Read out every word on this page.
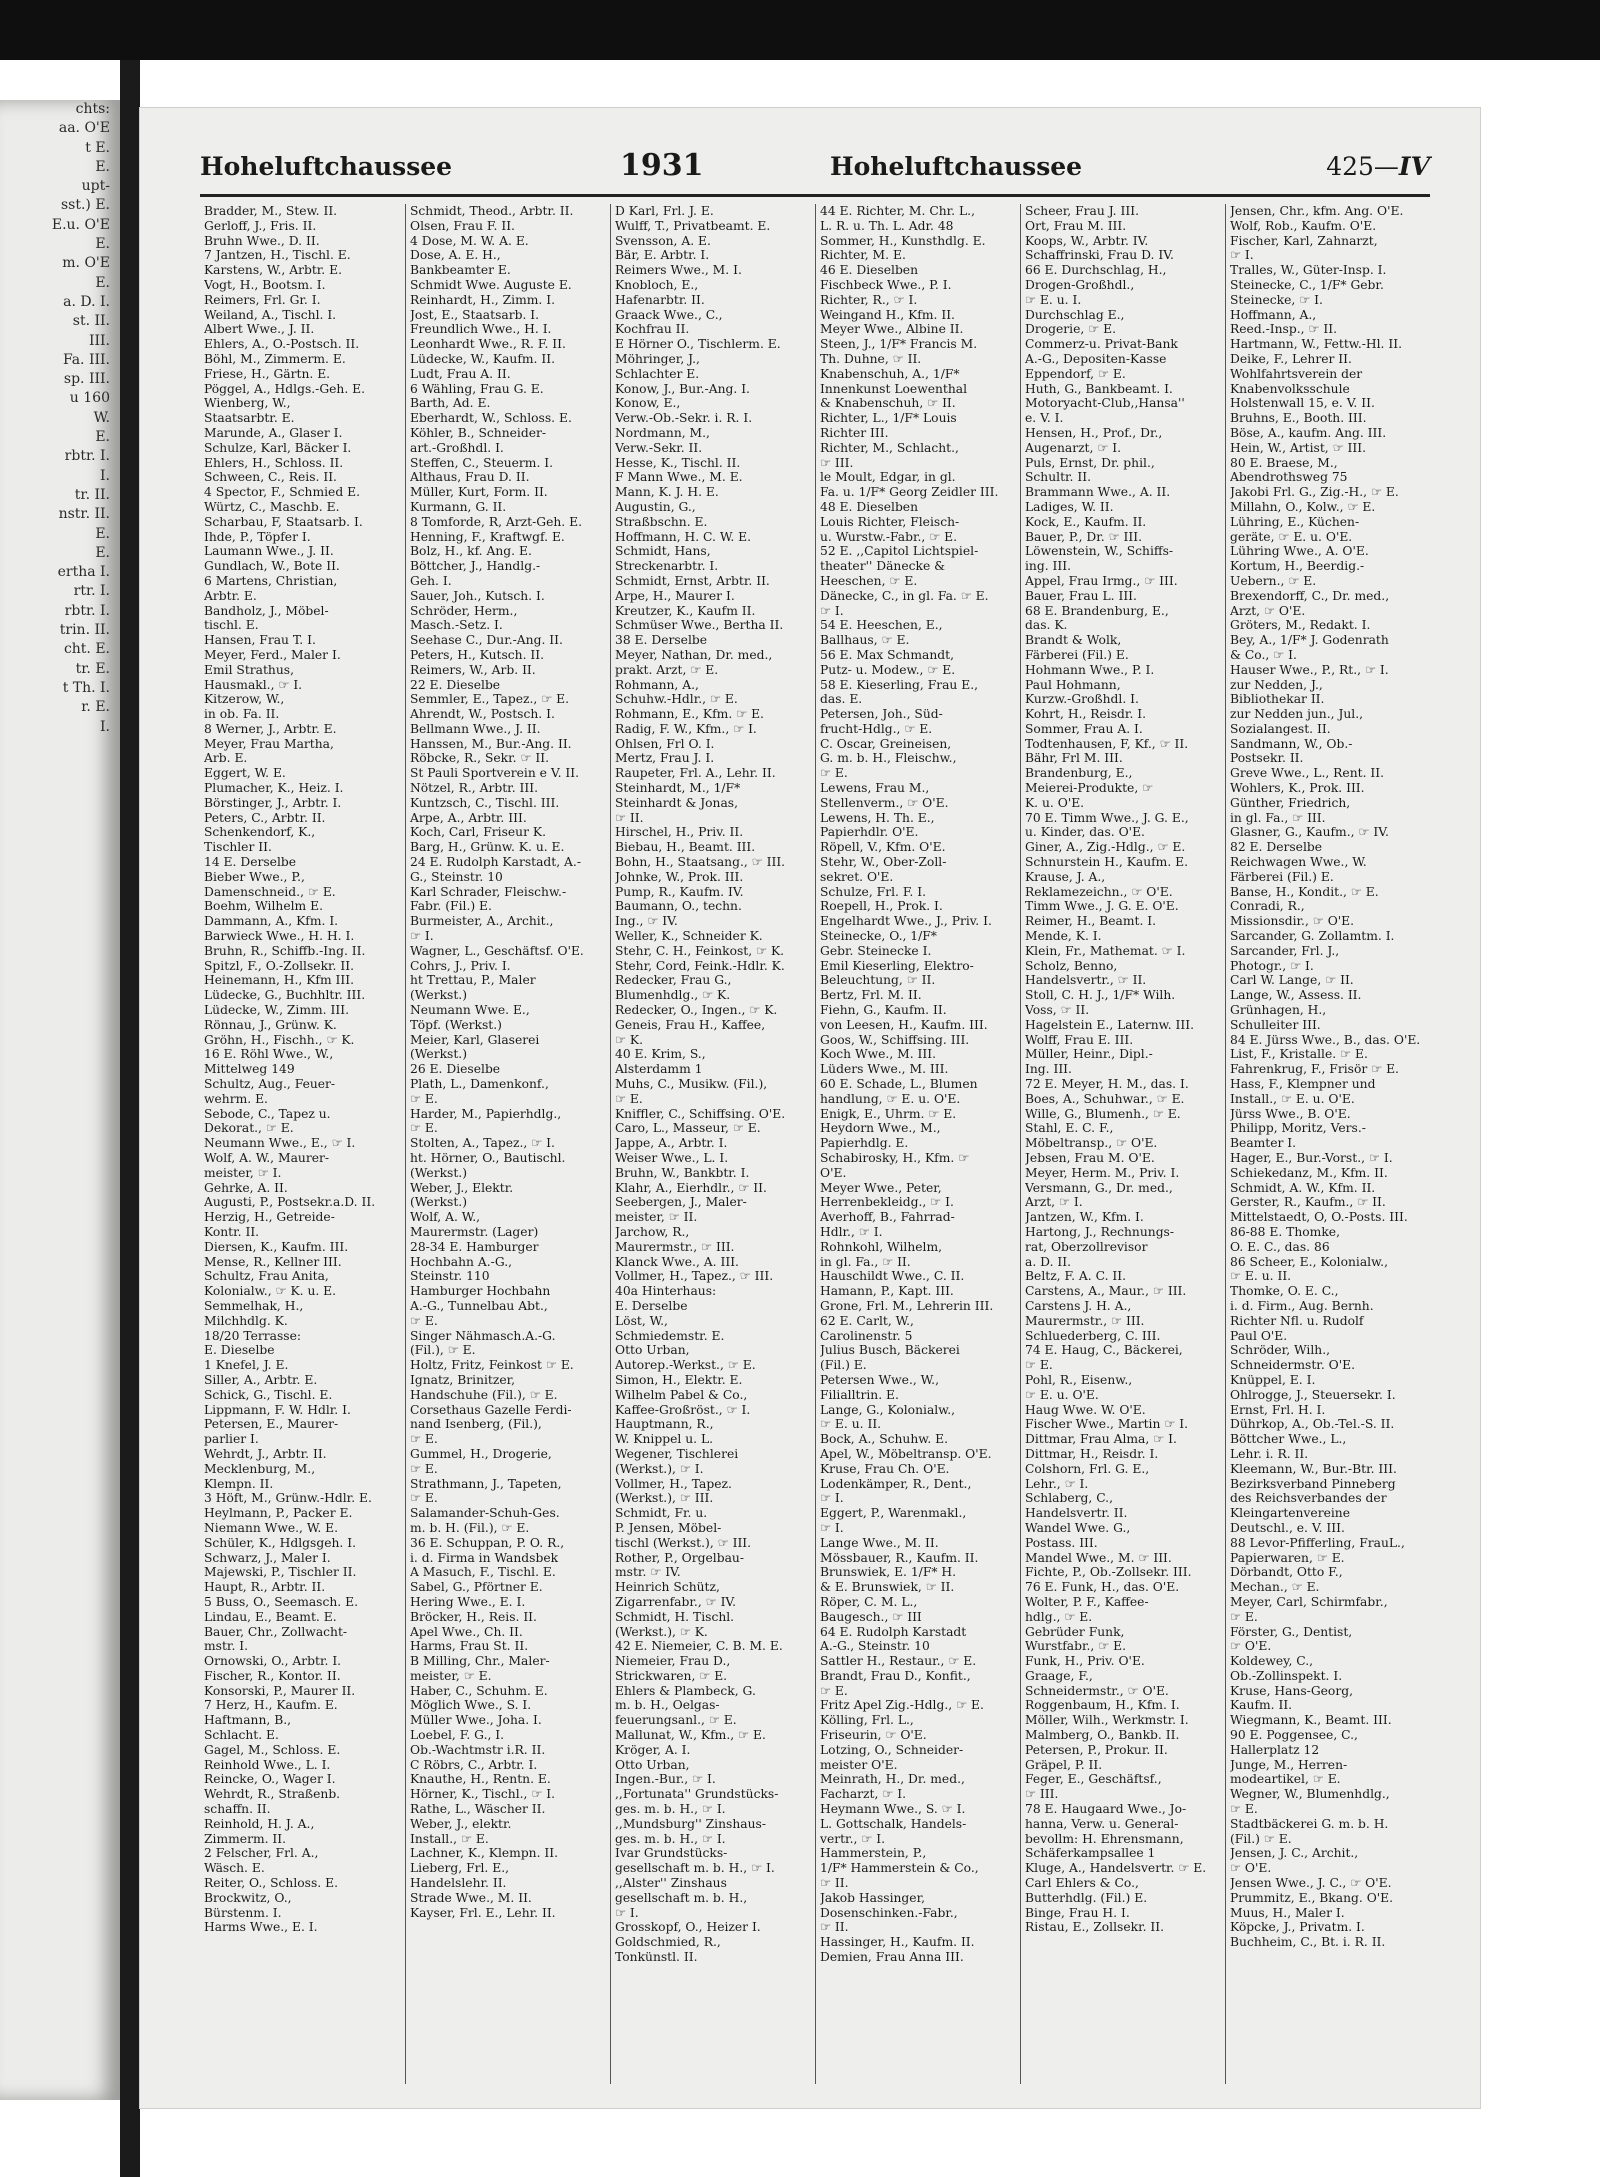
chts:
aa. O'E
t E.
E.
upt-
sst.) E.
E.u. O'E
E.
m. O'E
E.
a. D. I.
st. II.
III.
Fa. III.
sp. III.
u 160
W.
E.
rbtr. I.
I.
tr. II.
nstr. II.
E.
E.
ertha I.
rtr. I.
rbtr. I.
trin. II.
cht. E.
tr. E.
t Th. I.
r. E.
I.
Hoheluftchaussee	1931	Hoheluftchaussee	425—IV
Bradder, M., Stew. II.
Gerloff, J., Fris. II.
Bruhn Wwe., D. II.
7 Jantzen, H., Tischl. E.
Karstens, W., Arbtr. E.
Vogt, H., Bootsm. I.
Reimers, Frl. Gr. I.
Weiland, A., Tischl. I.
Albert Wwe., J. II.
Ehlers, A., O.-Postsch. II.
Böhl, M., Zimmerm. E.
Friese, H., Gärtn. E.
Pöggel, A., Hdlgs.-Geh. E.
Wienberg, W.,
Staatsarbtr. E.
Marunde, A., Glaser I.
Schulze, Karl, Bäcker I.
Ehlers, H., Schloss. II.
Schween, C., Reis. II.
4 Spector, F., Schmied E.
Würtz, C., Maschb. E.
Scharbau, F, Staatsarb. I.
Ihde, P., Töpfer I.
Laumann Wwe., J. II.
Gundlach, W., Bote II.
6 Martens, Christian,
Arbtr. E.
Bandholz, J., Möbel-
tischl. E.
Hansen, Frau T. I.
Meyer, Ferd., Maler I.
Emil Strathus,
Hausmakl., ☞ I.
Kitzerow, W.,
in ob. Fa. II.
8 Werner, J., Arbtr. E.
Meyer, Frau Martha,
Arb. E.
Eggert, W. E.
Plumacher, K., Heiz. I.
Börstinger, J., Arbtr. I.
Peters, C., Arbtr. II.
Schenkendorf, K.,
Tischler II.
14 E. Derselbe
Bieber Wwe., P.,
Damenschneid., ☞ E.
Boehm, Wilhelm E.
Dammann, A., Kfm. I.
Barwieck Wwe., H. H. I.
Bruhn, R., Schiffb.-Ing. II.
Spitzl, F., O.-Zollsekr. II.
Heinemann, H., Kfm III.
Lüdecke, G., Buchhltr. III.
Lüdecke, W., Zimm. III.
Rönnau, J., Grünw. K.
Gröhn, H., Fischh., ☞ K.
16 E. Röhl Wwe., W.,
Mittelweg 149
Schultz, Aug., Feuer-
wehrm. E.
Sebode, C., Tapez u.
Dekorat., ☞ E.
Neumann Wwe., E., ☞ I.
Wolf, A. W., Maurer-
meister, ☞ I.
Gehrke, A. II.
Augusti, P., Postsekr.a.D. II.
Herzig, H., Getreide-
Kontr. II.
Diersen, K., Kaufm. III.
Mense, R., Kellner III.
Schultz, Frau Anita,
Kolonialw., ☞ K. u. E.
Semmelhak, H.,
Milchhdlg. K.
18/20 Terrasse:
E. Dieselbe
1 Knefel, J. E.
Siller, A., Arbtr. E.
Schick, G., Tischl. E.
Lippmann, F. W. Hdlr. I.
Petersen, E., Maurer-
parlier I.
Wehrdt, J., Arbtr. II.
Mecklenburg, M.,
Klempn. II.
3 Höft, M., Grünw.-Hdlr. E.
Heylmann, P., Packer E.
Niemann Wwe., W. E.
Schüler, K., Hdlgsgeh. I.
Schwarz, J., Maler I.
Majewski, P., Tischler II.
Haupt, R., Arbtr. II.
5 Buss, O., Seemasch. E.
Lindau, E., Beamt. E.
Bauer, Chr., Zollwacht-
mstr. I.
Ornowski, O., Arbtr. I.
Fischer, R., Kontor. II.
Konsorski, P., Maurer II.
7 Herz, H., Kaufm. E.
Haftmann, B.,
Schlacht. E.
Gagel, M., Schloss. E.
Reinhold Wwe., L. I.
Reincke, O., Wager I.
Wehrdt, R., Straßenb.
schaffn. II.
Reinhold, H. J. A.,
Zimmerm. II.
2 Felscher, Frl. A.,
Wäsch. E.
Reiter, O., Schloss. E.
Brockwitz, O.,
Bürstenm. I.
Harms Wwe., E. I.
Schmidt, Theod., Arbtr. II.
Olsen, Frau F. II.
4 Dose, M. W. A. E.
Dose, A. E. H.,
Bankbeamter E.
Schmidt Wwe. Auguste E.
Reinhardt, H., Zimm. I.
Jost, E., Staatsarb. I.
Freundlich Wwe., H. I.
Leonhardt Wwe., R. F. II.
Lüdecke, W., Kaufm. II.
Ludt, Frau A. II.
6 Wähling, Frau G. E.
Barth, Ad. E.
Eberhardt, W., Schloss. E.
Köhler, B., Schneider-
art.-Großhdl. I.
Steffen, C., Steuerm. I.
Althaus, Frau D. II.
Müller, Kurt, Form. II.
Kurmann, G. II.
8 Tomforde, R, Arzt-Geh. E.
Henning, F., Kraftwgf. E.
Bolz, H., kf. Ang. E.
Böttcher, J., Handlg.-
Geh. I.
Sauer, Joh., Kutsch. I.
Schröder, Herm.,
Masch.-Setz. I.
Seehase C., Dur.-Ang. II.
Peters, H., Kutsch. II.
Reimers, W., Arb. II.
22 E. Dieselbe
Semmler, E., Tapez., ☞ E.
Ahrendt, W., Postsch. I.
Bellmann Wwe., J. II.
Hanssen, M., Bur.-Ang. II.
Röbcke, R., Sekr. ☞ II.
St Pauli Sportverein e V. II.
Nötzel, R., Arbtr. III.
Kuntzsch, C., Tischl. III.
Arpe, A., Arbtr. III.
Koch, Carl, Friseur K.
Barg, H., Grünw. K. u. E.
24 E. Rudolph Karstadt, A.-
G., Steinstr. 10
Karl Schrader, Fleischw.-
Fabr. (Fil.) E.
Burmeister, A., Archit.,
☞ I.
Wagner, L., Geschäftsf. O'E.
Cohrs, J., Priv. I.
ht Trettau, P., Maler
(Werkst.)
Neumann Wwe. E.,
Töpf. (Werkst.)
Meier, Karl, Glaserei
(Werkst.)
26 E. Dieselbe
Plath, L., Damenkonf.,
☞ E.
Harder, M., Papierhdlg.,
☞ E.
Stolten, A., Tapez., ☞ I.
ht. Hörner, O., Bautischl.
(Werkst.)
Weber, J., Elektr.
(Werkst.)
Wolf, A. W.,
Maurermstr. (Lager)
28-34 E. Hamburger
Hochbahn A.-G.,
Steinstr. 110
Hamburger Hochbahn
A.-G., Tunnelbau Abt.,
☞ E.
Singer Nähmasch.A.-G.
(Fil.), ☞ E.
Holtz, Fritz, Feinkost ☞ E.
Ignatz, Brinitzer,
Handschuhe (Fil.), ☞ E.
Corsethaus Gazelle Ferdi-
nand Isenberg, (Fil.),
☞ E.
Gummel, H., Drogerie,
☞ E.
Strathmann, J., Tapeten,
☞ E.
Salamander-Schuh-Ges.
m. b. H. (Fil.), ☞ E.
36 E. Schuppan, P. O. R.,
i. d. Firma in Wandsbek
A Masuch, F., Tischl. E.
Sabel, G., Pförtner E.
Hering Wwe., E. I.
Bröcker, H., Reis. II.
Apel Wwe., Ch. II.
Harms, Frau St. II.
B Milling, Chr., Maler-
meister, ☞ E.
Haber, C., Schuhm. E.
Möglich Wwe., S. I.
Müller Wwe., Joha. I.
Loebel, F. G., I.
Ob.-Wachtmstr i.R. II.
C Röbrs, C., Arbtr. I.
Knauthe, H., Rentn. E.
Hörner, K., Tischl., ☞ I.
Rathe, L., Wäscher II.
Weber, J., elektr.
Install., ☞ E.
Lachner, K., Klempn. II.
Lieberg, Frl. E.,
Handelslehr. II.
Strade Wwe., M. II.
Kayser, Frl. E., Lehr. II.
D Karl, Frl. J. E.
Wulff, T., Privatbeamt. E.
Svensson, A. E.
Bär, E. Arbtr. I.
Reimers Wwe., M. I.
Knobloch, E.,
Hafenarbtr. II.
Graack Wwe., C.,
Kochfrau II.
E Hörner O., Tischlerm. E.
Möhringer, J.,
Schlachter E.
Konow, J., Bur.-Ang. I.
Konow, E.,
Verw.-Ob.-Sekr. i. R. I.
Nordmann, M.,
Verw.-Sekr. II.
Hesse, K., Tischl. II.
F Mann Wwe., M. E.
Mann, K. J. H. E.
Augustin, G.,
Straßbschn. E.
Hoffmann, H. C. W. E.
Schmidt, Hans,
Streckenarbtr. I.
Schmidt, Ernst, Arbtr. II.
Arpe, H., Maurer I.
Kreutzer, K., Kaufm II.
Schmüser Wwe., Bertha II.
38 E. Derselbe
Meyer, Nathan, Dr. med.,
prakt. Arzt, ☞ E.
Rohmann, A.,
Schuhw.-Hdlr., ☞ E.
Rohmann, E., Kfm. ☞ E.
Radig, F. W., Kfm., ☞ I.
Ohlsen, Frl O. I.
Mertz, Frau J. I.
Raupeter, Frl. A., Lehr. II.
Steinhardt, M., 1/F*
Steinhardt & Jonas,
☞ II.
Hirschel, H., Priv. II.
Biebau, H., Beamt. III.
Bohn, H., Staatsang., ☞ III.
Johnke, W., Prok. III.
Pump, R., Kaufm. IV.
Baumann, O., techn.
Ing., ☞ IV.
Weller, K., Schneider K.
Stehr, C. H., Feinkost, ☞ K.
Stehr, Cord, Feink.-Hdlr. K.
Redecker, Frau G.,
Blumenhdlg., ☞ K.
Redecker, O., Ingen., ☞ K.
Geneis, Frau H., Kaffee,
☞ K.
40 E. Krim, S.,
Alsterdamm 1
Muhs, C., Musikw. (Fil.),
☞ E.
Kniffler, C., Schiffsing. O'E.
Caro, L., Masseur, ☞ E.
Jappe, A., Arbtr. I.
Weiser Wwe., L. I.
Bruhn, W., Bankbtr. I.
Klahr, A., Eierhdlr., ☞ II.
Seebergen, J., Maler-
meister, ☞ II.
Jarchow, R.,
Maurermstr., ☞ III.
Klanck Wwe., A. III.
Vollmer, H., Tapez., ☞ III.
40a Hinterhaus:
E. Derselbe
Löst, W.,
Schmiedemstr. E.
Otto Urban,
Autorep.-Werkst., ☞ E.
Simon, H., Elektr. E.
Wilhelm Pabel & Co.,
Kaffee-Großröst., ☞ I.
Hauptmann, R.,
W. Knippel u. L.
Wegener, Tischlerei
(Werkst.), ☞ I.
Vollmer, H., Tapez.
(Werkst.), ☞ III.
Schmidt, Fr. u.
P. Jensen, Möbel-
tischl (Werkst.), ☞ III.
Rother, P., Orgelbau-
mstr. ☞ IV.
Heinrich Schütz,
Zigarrenfabr., ☞ IV.
Schmidt, H. Tischl.
(Werkst.), ☞ K.
42 E. Niemeier, C. B. M. E.
Niemeier, Frau D.,
Strickwaren, ☞ E.
Ehlers & Plambeck, G.
m. b. H., Oelgas-
feuerungsanl., ☞ E.
Mallunat, W., Kfm., ☞ E.
Kröger, A. I.
Otto Urban,
Ingen.-Bur., ☞ I.
,,Fortunata'' Grundstücks-
ges. m. b. H., ☞ I.
,,Mundsburg'' Zinshaus-
ges. m. b. H., ☞ I.
Ivar Grundstücks-
gesellschaft m. b. H., ☞ I.
,,Alster'' Zinshaus
gesellschaft m. b. H.,
☞ I.
Grosskopf, O., Heizer I.
Goldschmied, R.,
Tonkünstl. II.
44 E. Richter, M. Chr. L.,
L. R. u. Th. L. Adr. 48
Sommer, H., Kunsthdlg. E.
Richter, M. E.
46 E. Dieselben
Fischbeck Wwe., P. I.
Richter, R., ☞ I.
Weingand H., Kfm. II.
Meyer Wwe., Albine II.
Steen, J., 1/F* Francis M.
Th. Duhne, ☞ II.
Knabenschuh, A., 1/F*
Innenkunst Loewenthal
& Knabenschuh, ☞ II.
Richter, L., 1/F* Louis
Richter III.
Richter, M., Schlacht.,
☞ III.
le Moult, Edgar, in gl.
Fa. u. 1/F* Georg Zeidler III.
48 E. Dieselben
Louis Richter, Fleisch-
u. Wurstw.-Fabr., ☞ E.
52 E. ,,Capitol Lichtspiel-
theater'' Dänecke &
Heeschen, ☞ E.
Dänecke, C., in gl. Fa. ☞ E.
☞ I.
54 E. Heeschen, E.,
Ballhaus, ☞ E.
56 E. Max Schmandt,
Putz- u. Modew., ☞ E.
58 E. Kieserling, Frau E.,
das. E.
Petersen, Joh., Süd-
frucht-Hdlg., ☞ E.
C. Oscar, Greineisen,
G. m. b. H., Fleischw.,
☞ E.
Lewens, Frau M.,
Stellenverm., ☞ O'E.
Lewens, H. Th. E.,
Papierhdlr. O'E.
Röpell, V., Kfm. O'E.
Stehr, W., Ober-Zoll-
sekret. O'E.
Schulze, Frl. F. I.
Roepell, H., Prok. I.
Engelhardt Wwe., J., Priv. I.
Steinecke, O., 1/F*
Gebr. Steinecke I.
Emil Kieserling, Elektro-
Beleuchtung, ☞ II.
Bertz, Frl. M. II.
Fiehn, G., Kaufm. II.
von Leesen, H., Kaufm. III.
Goos, W., Schiffsing. III.
Koch Wwe., M. III.
Lüders Wwe., M. III.
60 E. Schade, L., Blumen
handlung, ☞ E. u. O'E.
Enigk, E., Uhrm. ☞ E.
Heydorn Wwe., M.,
Papierhdlg. E.
Schabirosky, H., Kfm. ☞
O'E.
Meyer Wwe., Peter,
Herrenbekleidg., ☞ I.
Averhoff, B., Fahrrad-
Hdlr., ☞ I.
Rohnkohl, Wilhelm,
in gl. Fa., ☞ II.
Hauschildt Wwe., C. II.
Hamann, P., Kapt. III.
Grone, Frl. M., Lehrerin III.
62 E. Carlt, W.,
Carolinenstr. 5
Julius Busch, Bäckerei
(Fil.) E.
Petersen Wwe., W.,
Filialltrin. E.
Lange, G., Kolonialw.,
☞ E. u. II.
Bock, A., Schuhw. E.
Apel, W., Möbeltransp. O'E.
Kruse, Frau Ch. O'E.
Lodenkämper, R., Dent.,
☞ I.
Eggert, P., Warenmakl.,
☞ I.
Lange Wwe., M. II.
Mössbauer, R., Kaufm. II.
Brunswiek, E. 1/F* H.
& E. Brunswiek, ☞ II.
Röper, C. M. L.,
Baugesch., ☞ III
64 E. Rudolph Karstadt
A.-G., Steinstr. 10
Sattler H., Restaur., ☞ E.
Brandt, Frau D., Konfit.,
☞ E.
Fritz Apel Zig.-Hdlg., ☞ E.
Kölling, Frl. L.,
Friseurin, ☞ O'E.
Lotzing, O., Schneider-
meister O'E.
Meinrath, H., Dr. med.,
Facharzt, ☞ I.
Heymann Wwe., S. ☞ I.
L. Gottschalk, Handels-
vertr., ☞ I.
Hammerstein, P.,
1/F* Hammerstein & Co.,
☞ II.
Jakob Hassinger,
Dosenschinken.-Fabr.,
☞ II.
Hassinger, H., Kaufm. II.
Demien, Frau Anna III.
Scheer, Frau J. III.
Ort, Frau M. III.
Koops, W., Arbtr. IV.
Schaffrinski, Frau D. IV.
66 E. Durchschlag, H.,
Drogen-Großhdl.,
☞ E. u. I.
Durchschlag E.,
Drogerie, ☞ E.
Commerz-u. Privat-Bank
A.-G., Depositen-Kasse
Eppendorf, ☞ E.
Huth, G., Bankbeamt. I.
Motoryacht-Club,,Hansa''
e. V. I.
Hensen, H., Prof., Dr.,
Augenarzt, ☞ I.
Puls, Ernst, Dr. phil.,
Schultr. II.
Brammann Wwe., A. II.
Ladiges, W. II.
Kock, E., Kaufm. II.
Bauer, P., Dr. ☞ III.
Löwenstein, W., Schiffs-
ing. III.
Appel, Frau Irmg., ☞ III.
Bauer, Frau L. III.
68 E. Brandenburg, E.,
das. K.
Brandt & Wolk,
Färberei (Fil.) E.
Hohmann Wwe., P. I.
Paul Hohmann,
Kurzw.-Großhdl. I.
Kohrt, H., Reisdr. I.
Sommer, Frau A. I.
Todtenhausen, F, Kf., ☞ II.
Bähr, Frl M. III.
Brandenburg, E.,
Meierei-Produkte, ☞
K. u. O'E.
70 E. Timm Wwe., J. G. E.,
u. Kinder, das. O'E.
Giner, A., Zig.-Hdlg., ☞ E.
Schnurstein H., Kaufm. E.
Krause, J. A.,
Reklamezeichn., ☞ O'E.
Timm Wwe., J. G. E. O'E.
Reimer, H., Beamt. I.
Mende, K. I.
Klein, Fr., Mathemat. ☞ I.
Scholz, Benno,
Handelsvertr., ☞ II.
Stoll, C. H. J., 1/F* Wilh.
Voss, ☞ II.
Hagelstein E., Laternw. III.
Wolff, Frau E. III.
Müller, Heinr., Dipl.-
Ing. III.
72 E. Meyer, H. M., das. I.
Boes, A., Schuhwar., ☞ E.
Wille, G., Blumenh., ☞ E.
Stahl, E. C. F.,
Möbeltransp., ☞ O'E.
Jebsen, Frau M. O'E.
Meyer, Herm. M., Priv. I.
Versmann, G., Dr. med.,
Arzt, ☞ I.
Jantzen, W., Kfm. I.
Hartong, J., Rechnungs-
rat, Oberzollrevisor
a. D. II.
Beltz, F. A. C. II.
Carstens, A., Maur., ☞ III.
Carstens J. H. A.,
Maurermstr., ☞ III.
Schluederberg, C. III.
74 E. Haug, C., Bäckerei,
☞ E.
Pohl, R., Eisenw.,
☞ E. u. O'E.
Haug Wwe. W. O'E.
Fischer Wwe., Martin ☞ I.
Dittmar, Frau Alma, ☞ I.
Dittmar, H., Reisdr. I.
Colshorn, Frl. G. E.,
Lehr., ☞ I.
Schlaberg, C.,
Handelsvertr. II.
Wandel Wwe. G.,
Postass. III.
Mandel Wwe., M. ☞ III.
Fichte, P., Ob.-Zollsekr. III.
76 E. Funk, H., das. O'E.
Wolter, P. F., Kaffee-
hdlg., ☞ E.
Gebrüder Funk,
Wurstfabr., ☞ E.
Funk, H., Priv. O'E.
Graage, F.,
Schneidermstr., ☞ O'E.
Roggenbaum, H., Kfm. I.
Möller, Wilh., Werkmstr. I.
Malmberg, O., Bankb. II.
Petersen, P., Prokur. II.
Gräpel, P. II.
Feger, E., Geschäftsf.,
☞ III.
78 E. Haugaard Wwe., Jo-
hanna, Verw. u. General-
bevollm: H. Ehrensmann,
Schäferkampsallee 1
Kluge, A., Handelsvertr. ☞ E.
Carl Ehlers & Co.,
Butterhdlg. (Fil.) E.
Binge, Frau H. I.
Ristau, E., Zollsekr. II.
Jensen, Chr., kfm. Ang. O'E.
Wolf, Rob., Kaufm. O'E.
Fischer, Karl, Zahnarzt,
☞ I.
Tralles, W., Güter-Insp. I.
Steinecke, C., 1/F* Gebr.
Steinecke, ☞ I.
Hoffmann, A.,
Reed.-Insp., ☞ II.
Hartmann, W., Fettw.-Hl. II.
Deike, F., Lehrer II.
Wohlfahrtsverein der
Knabenvolksschule
Holstenwall 15, e. V. II.
Bruhns, E., Booth. III.
Böse, A., kaufm. Ang. III.
Hein, W., Artist, ☞ III.
80 E. Braese, M.,
Abendrothsweg 75
Jakobi Frl. G., Zig.-H., ☞ E.
Millahn, O., Kolw., ☞ E.
Lühring, E., Küchen-
geräte, ☞ E. u. O'E.
Lühring Wwe., A. O'E.
Kortum, H., Beerdig.-
Uebern., ☞ E.
Brexendorff, C., Dr. med.,
Arzt, ☞ O'E.
Gröters, M., Redakt. I.
Bey, A., 1/F* J. Godenrath
& Co., ☞ I.
Hauser Wwe., P., Rt., ☞ I.
zur Nedden, J.,
Bibliothekar II.
zur Nedden jun., Jul.,
Sozialangest. II.
Sandmann, W., Ob.-
Postsekr. II.
Greve Wwe., L., Rent. II.
Wohlers, K., Prok. III.
Günther, Friedrich,
in gl. Fa., ☞ III.
Glasner, G., Kaufm., ☞ IV.
82 E. Derselbe
Reichwagen Wwe., W.
Färberei (Fil.) E.
Banse, H., Kondit., ☞ E.
Conradi, R.,
Missionsdir., ☞ O'E.
Sarcander, G. Zollamtm. I.
Sarcander, Frl. J.,
Photogr., ☞ I.
Carl W. Lange, ☞ II.
Lange, W., Assess. II.
Grünhagen, H.,
Schulleiter III.
84 E. Jürss Wwe., B., das. O'E.
List, F., Kristalle. ☞ E.
Fahrenkrug, F., Frisör ☞ E.
Hass, F., Klempner und
Install., ☞ E. u. O'E.
Jürss Wwe., B. O'E.
Philipp, Moritz, Vers.-
Beamter I.
Hager, E., Bur.-Vorst., ☞ I.
Schiekedanz, M., Kfm. II.
Schmidt, A. W., Kfm. II.
Gerster, R., Kaufm., ☞ II.
Mittelstaedt, O, O.-Posts. III.
86-88 E. Thomke,
O. E. C., das. 86
86 Scheer, E., Kolonialw.,
☞ E. u. II.
Thomke, O. E. C.,
i. d. Firm., Aug. Bernh.
Richter Nfl. u. Rudolf
Paul O'E.
Schröder, Wilh.,
Schneidermstr. O'E.
Knüppel, E. I.
Ohlrogge, J., Steuersekr. I.
Ernst, Frl. H. I.
Dührkop, A., Ob.-Tel.-S. II.
Böttcher Wwe., L.,
Lehr. i. R. II.
Kleemann, W., Bur.-Btr. III.
Bezirksverband Pinneberg
des Reichsverbandes der
Kleingartenvereine
Deutschl., e. V. III.
88 Levor-Pfifferling, FrauL.,
Papierwaren, ☞ E.
Dörbandt, Otto F.,
Mechan., ☞ E.
Meyer, Carl, Schirmfabr.,
☞ E.
Förster, G., Dentist,
☞ O'E.
Koldewey, C.,
Ob.-Zollinspekt. I.
Kruse, Hans-Georg,
Kaufm. II.
Wiegmann, K., Beamt. III.
90 E. Poggensee, C.,
Hallerplatz 12
Junge, M., Herren-
modeartikel, ☞ E.
Wegner, W., Blumenhdlg.,
☞ E.
Stadtbäckerei G. m. b. H.
(Fil.) ☞ E.
Jensen, J. C., Archit.,
☞ O'E.
Jensen Wwe., J. C., ☞ O'E.
Prummitz, E., Bkang. O'E.
Muus, H., Maler I.
Köpcke, J., Privatm. I.
Buchheim, C., Bt. i. R. II.
